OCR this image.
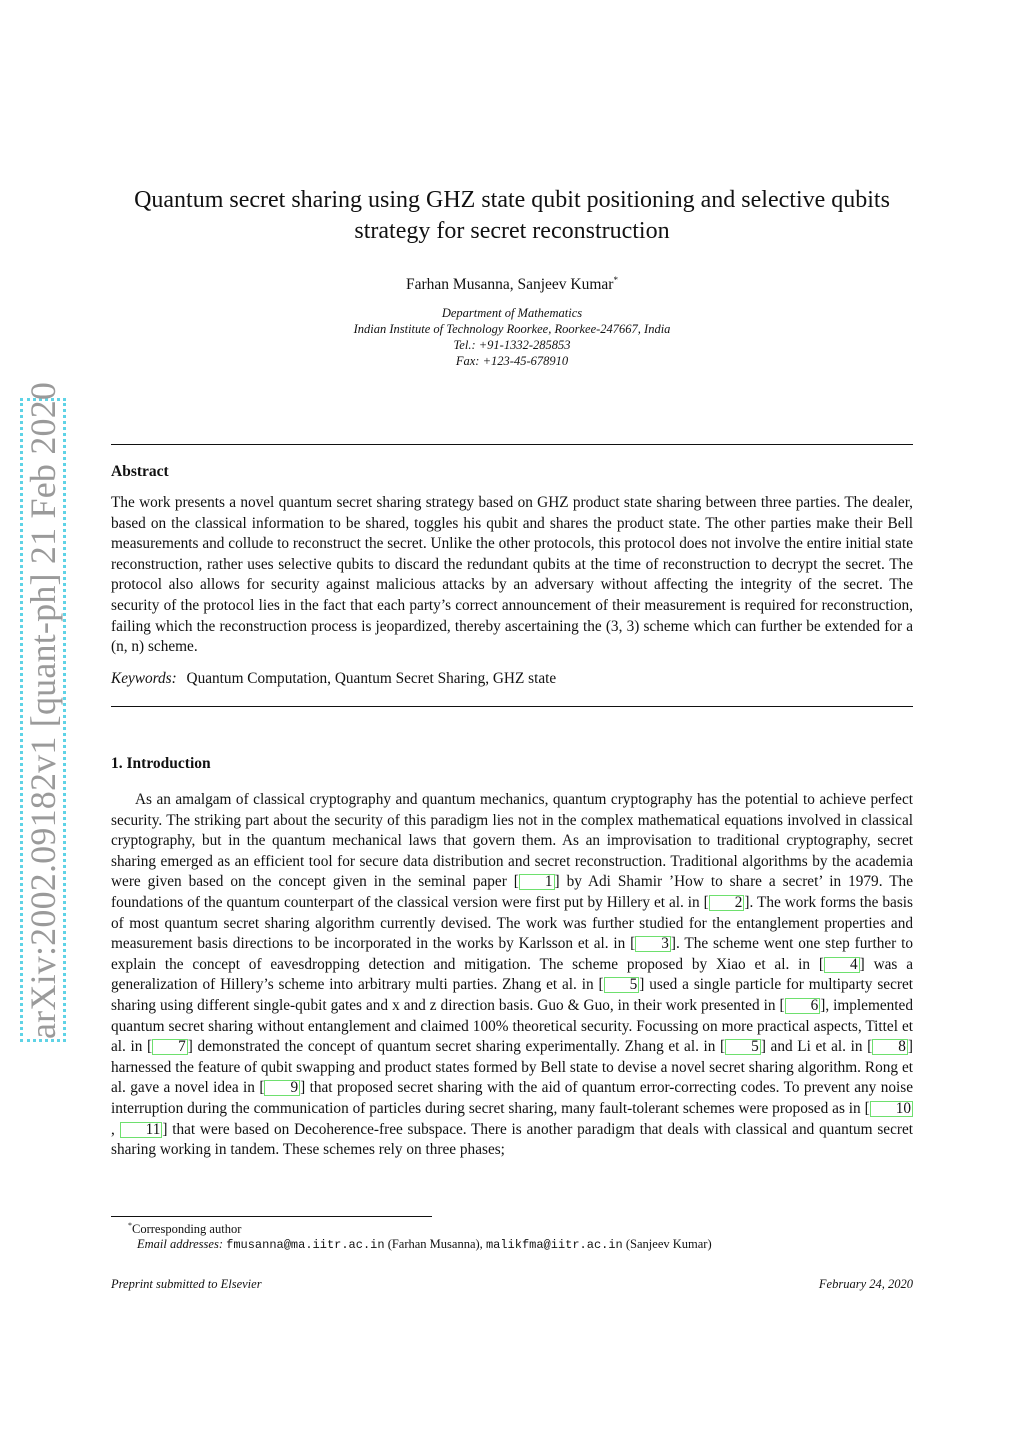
arXiv:2002.09182v1 [quant-ph] 21 Feb 2020
Quantum secret sharing using GHZ state qubit positioning and selective qubits strategy for secret reconstruction
Farhan Musanna, Sanjeev Kumar*
Department of Mathematics
Indian Institute of Technology Roorkee, Roorkee-247667, India
Tel.: +91-1332-285853
Fax: +123-45-678910
Abstract
The work presents a novel quantum secret sharing strategy based on GHZ product state sharing between three parties. The dealer, based on the classical information to be shared, toggles his qubit and shares the product state. The other parties make their Bell measurements and collude to reconstruct the secret. Unlike the other protocols, this protocol does not involve the entire initial state reconstruction, rather uses selective qubits to discard the redundant qubits at the time of reconstruction to decrypt the secret. The protocol also allows for security against malicious attacks by an adversary without affecting the integrity of the secret. The security of the protocol lies in the fact that each party’s correct announcement of their measurement is required for reconstruction, failing which the reconstruction process is jeopardized, thereby ascertaining the (3, 3) scheme which can further be extended for a (n, n) scheme.
Keywords: Quantum Computation, Quantum Secret Sharing, GHZ state
1. Introduction
As an amalgam of classical cryptography and quantum mechanics, quantum cryptography has the potential to achieve perfect security. The striking part about the security of this paradigm lies not in the complex mathematical equations involved in classical cryptography, but in the quantum mechanical laws that govern them. As an improvisation to traditional cryptography, secret sharing emerged as an efficient tool for secure data distribution and secret reconstruction. Traditional algorithms by the academia were given based on the concept given in the seminal paper [ 1 ] by Adi Shamir ’How to share a secret’ in 1979. The foundations of the quantum counterpart of the classical version were first put by Hillery et al. in [ 2 ]. The work forms the basis of most quantum secret sharing algorithm currently devised. The work was further studied for the entanglement properties and measurement basis directions to be incorporated in the works by Karlsson et al. in [ 3 ]. The scheme went one step further to explain the concept of eavesdropping detection and mitigation. The scheme proposed by Xiao et al. in [ 4 ] was a generalization of Hillery’s scheme into arbitrary multi parties. Zhang et al. in [ 5 ] used a single particle for multiparty secret sharing using different single-qubit gates and x and z direction basis. Guo & Guo, in their work presented in [ 6 ], implemented quantum secret sharing without entanglement and claimed 100% theoretical security. Focussing on more practical aspects, Tittel et al. in [ 7 ] demonstrated the concept of quantum secret sharing experimentally. Zhang et al. in [ 5 ] and Li et al. in [ 8 ] harnessed the feature of qubit swapping and product states formed by Bell state to devise a novel secret sharing algorithm. Rong et al. gave a novel idea in [ 9 ] that proposed secret sharing with the aid of quantum error-correcting codes. To prevent any noise interruption during the communication of particles during secret sharing, many fault-tolerant schemes were proposed as in [ 10, 11 ] that were based on Decoherence-free subspace. There is another paradigm that deals with classical and quantum secret sharing working in tandem. These schemes rely on three phases;
*Corresponding author
Email addresses: fmusanna@ma.iitr.ac.in (Farhan Musanna), malikfma@iitr.ac.in (Sanjeev Kumar)
Preprint submitted to Elsevier	February 24, 2020
